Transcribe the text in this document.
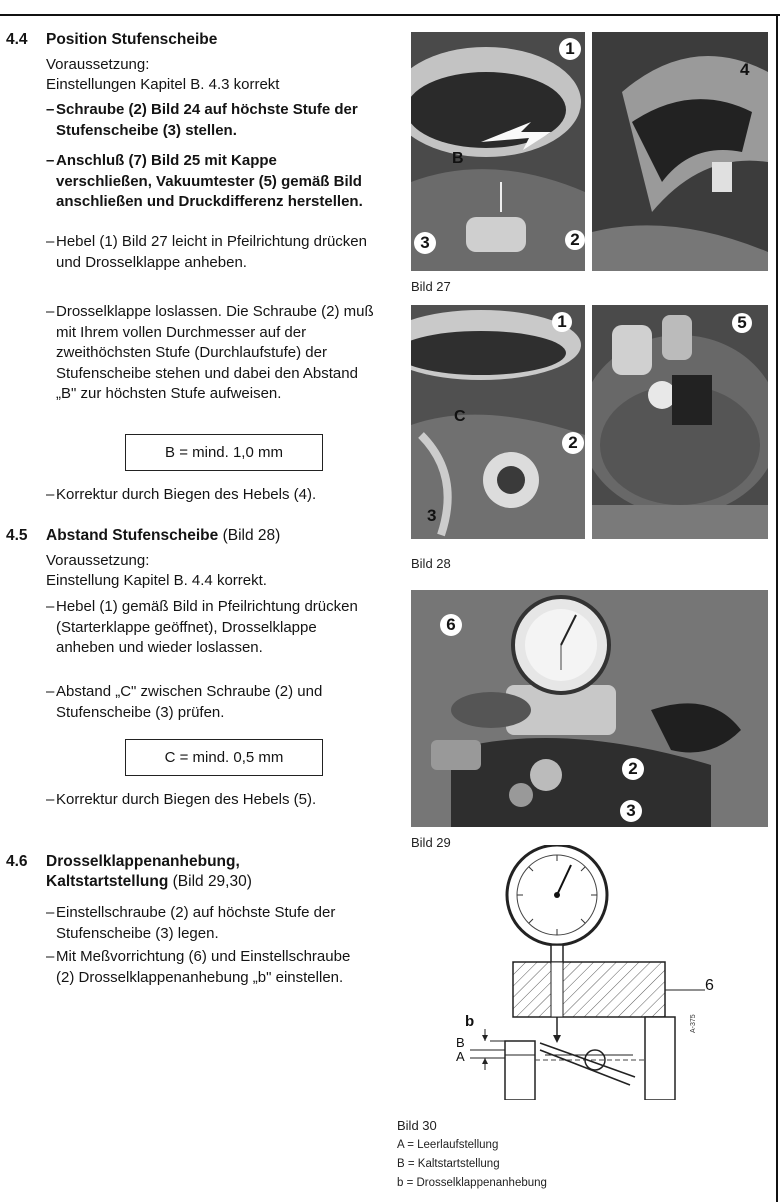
4.4 Position Stufenscheibe
Voraussetzung:
Einstellungen Kapitel B. 4.3 korrekt
– Schraube (2) Bild 24 auf höchste Stufe der Stufenscheibe (3) stellen.
– Anschluß (7) Bild 25 mit Kappe verschließen, Vakuumtester (5) gemäß Bild anschließen und Druckdifferenz herstellen.
– Hebel (1) Bild 27 leicht in Pfeilrichtung drücken und Drosselklappe anheben.
– Drosselklappe loslassen. Die Schraube (2) muß mit Ihrem vollen Durchmesser auf der zweithöchsten Stufe (Durchlaufstufe) der Stufenscheibe stehen und dabei den Abstand „B" zur höchsten Stufe aufweisen.
B = mind. 1,0 mm
– Korrektur durch Biegen des Hebels (4).
4.5 Abstand Stufenscheibe (Bild 28)
Voraussetzung:
Einstellung Kapitel B. 4.4 korrekt.
– Hebel (1) gemäß Bild in Pfeilrichtung drücken (Starterklappe geöffnet), Drosselklappe anheben und wieder loslassen.
– Abstand „C" zwischen Schraube (2) und Stufenscheibe (3) prüfen.
C = mind. 0,5 mm
– Korrektur durch Biegen des Hebels (5).
4.6 Drosselklappenanhebung,
Kaltstartstellung (Bild 29,30)
– Einstellschraube (2) auf höchste Stufe der Stufenscheibe (3) legen.
– Mit Meßvorrichtung (6) und Einstellschraube (2) Drosselklappenanhebung „b" einstellen.
1
4
B
2
3
Bild 27
1	5
C
2
3
Bild 28
6
2
3
Bild 29
A-375
6
b
B
A
Bild 30
A = Leerlaufstellung
B = Kaltstartstellung
b = Drosselklappenanhebung
